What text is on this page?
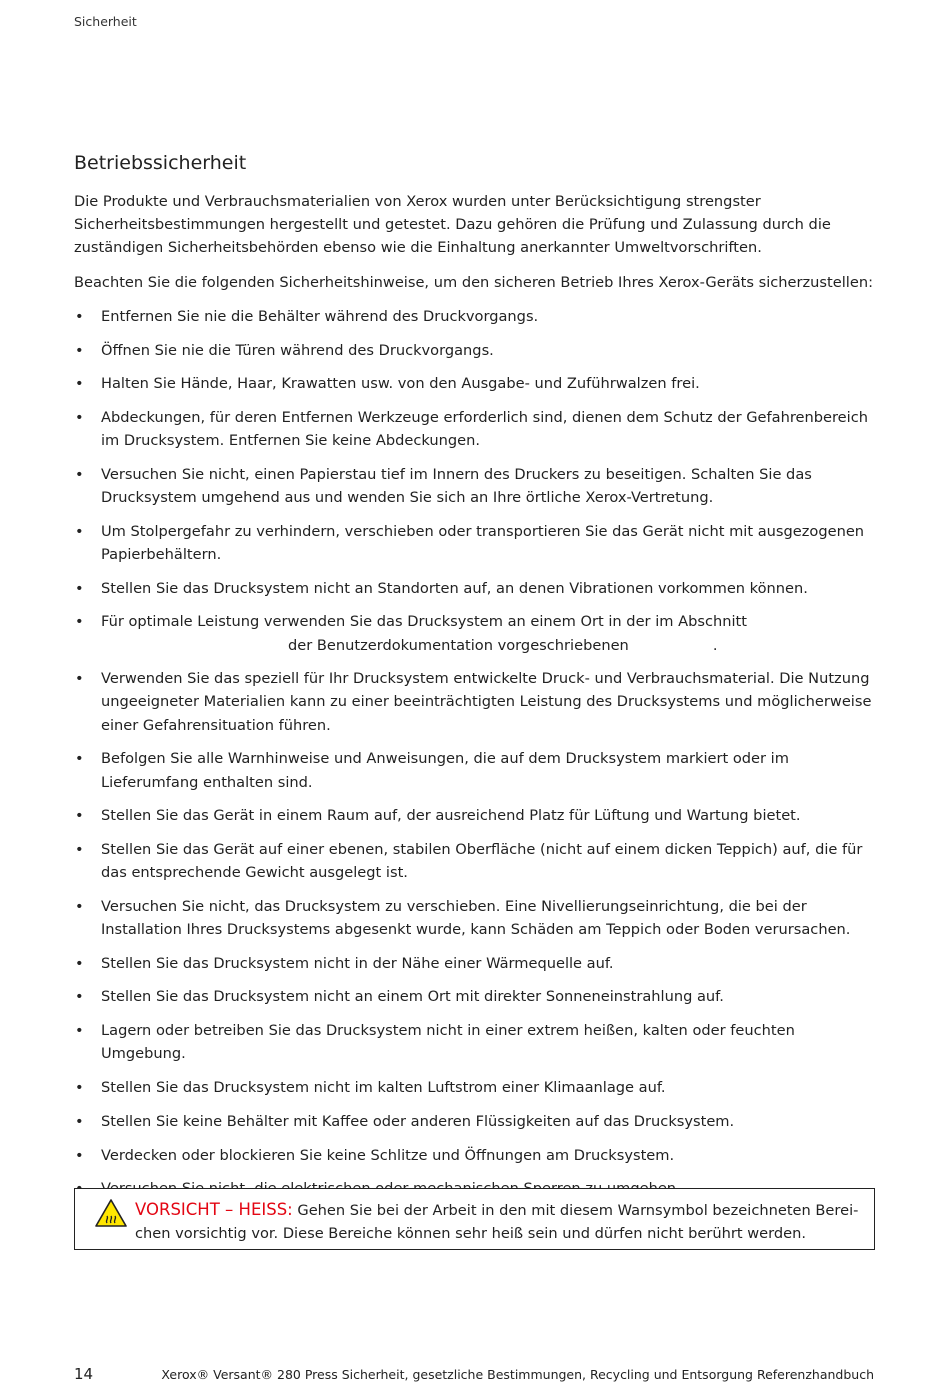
Sicherheit
Betriebssicherheit

Die Produkte und Verbrauchsmaterialien von Xerox wurden unter Berücksichtigung strengster Sicherheitsbestimmungen hergestellt und getestet. Dazu gehören die Prüfung und Zulassung durch die zuständigen Sicherheitsbehörden ebenso wie die Einhaltung anerkannter Umweltvorschriften.

Beachten Sie die folgenden Sicherheitshinweise, um den sicheren Betrieb Ihres Xerox-Geräts sicherzustellen:

• Entfernen Sie nie die Behälter während des Druckvorgangs.
• Öffnen Sie nie die Türen während des Druckvorgangs.
• Halten Sie Hände, Haar, Krawatten usw. von den Ausgabe- und Zuführwalzen frei.
• Abdeckungen, für deren Entfernen Werkzeuge erforderlich sind, dienen dem Schutz der Gefahrenbereich im Drucksystem. Entfernen Sie keine Abdeckungen.
• Versuchen Sie nicht, einen Papierstau tief im Innern des Druckers zu beseitigen. Schalten Sie das Drucksystem umgehend aus und wenden Sie sich an Ihre örtliche Xerox-Vertretung.
• Um Stolpergefahr zu verhindern, verschieben oder transportieren Sie das Gerät nicht mit ausgezogenen Papierbehältern.
• Stellen Sie das Drucksystem nicht an Standorten auf, an denen Vibrationen vorkommen können.
• Für optimale Leistung verwenden Sie das Drucksystem an einem Ort in der im Abschnitt
der Benutzerdokumentation vorgeschriebenen	.
• Verwenden Sie das speziell für Ihr Drucksystem entwickelte Druck- und Verbrauchsmaterial. Die Nutzung ungeeigneter Materialien kann zu einer beeinträchtigten Leistung des Drucksystems und möglicherweise einer Gefahrensituation führen.
• Befolgen Sie alle Warnhinweise und Anweisungen, die auf dem Drucksystem markiert oder im Lieferumfang enthalten sind.
• Stellen Sie das Gerät in einem Raum auf, der ausreichend Platz für Lüftung und Wartung bietet.
• Stellen Sie das Gerät auf einer ebenen, stabilen Oberfläche (nicht auf einem dicken Teppich) auf, die für das entsprechende Gewicht ausgelegt ist.
• Versuchen Sie nicht, das Drucksystem zu verschieben. Eine Nivellierungseinrichtung, die bei der Installation Ihres Drucksystems abgesenkt wurde, kann Schäden am Teppich oder Boden verursachen.
• Stellen Sie das Drucksystem nicht in der Nähe einer Wärmequelle auf.
• Stellen Sie das Drucksystem nicht an einem Ort mit direkter Sonneneinstrahlung auf.
• Lagern oder betreiben Sie das Drucksystem nicht in einer extrem heißen, kalten oder feuchten Umgebung.
• Stellen Sie das Drucksystem nicht im kalten Luftstrom einer Klimaanlage auf.
• Stellen Sie keine Behälter mit Kaffee oder anderen Flüssigkeiten auf das Drucksystem.
• Verdecken oder blockieren Sie keine Schlitze und Öffnungen am Drucksystem.
VORSICHT – HEISS: Gehen Sie bei der Arbeit in den mit diesem Warnsymbol bezeichneten Bereichen vorsichtig vor. Diese Bereiche können sehr heiß sein und dürfen nicht berührt werden.
14	Xerox® Versant® 280 Press Sicherheit, gesetzliche Bestimmungen, Recycling und Entsorgung Referenzhandbuch
